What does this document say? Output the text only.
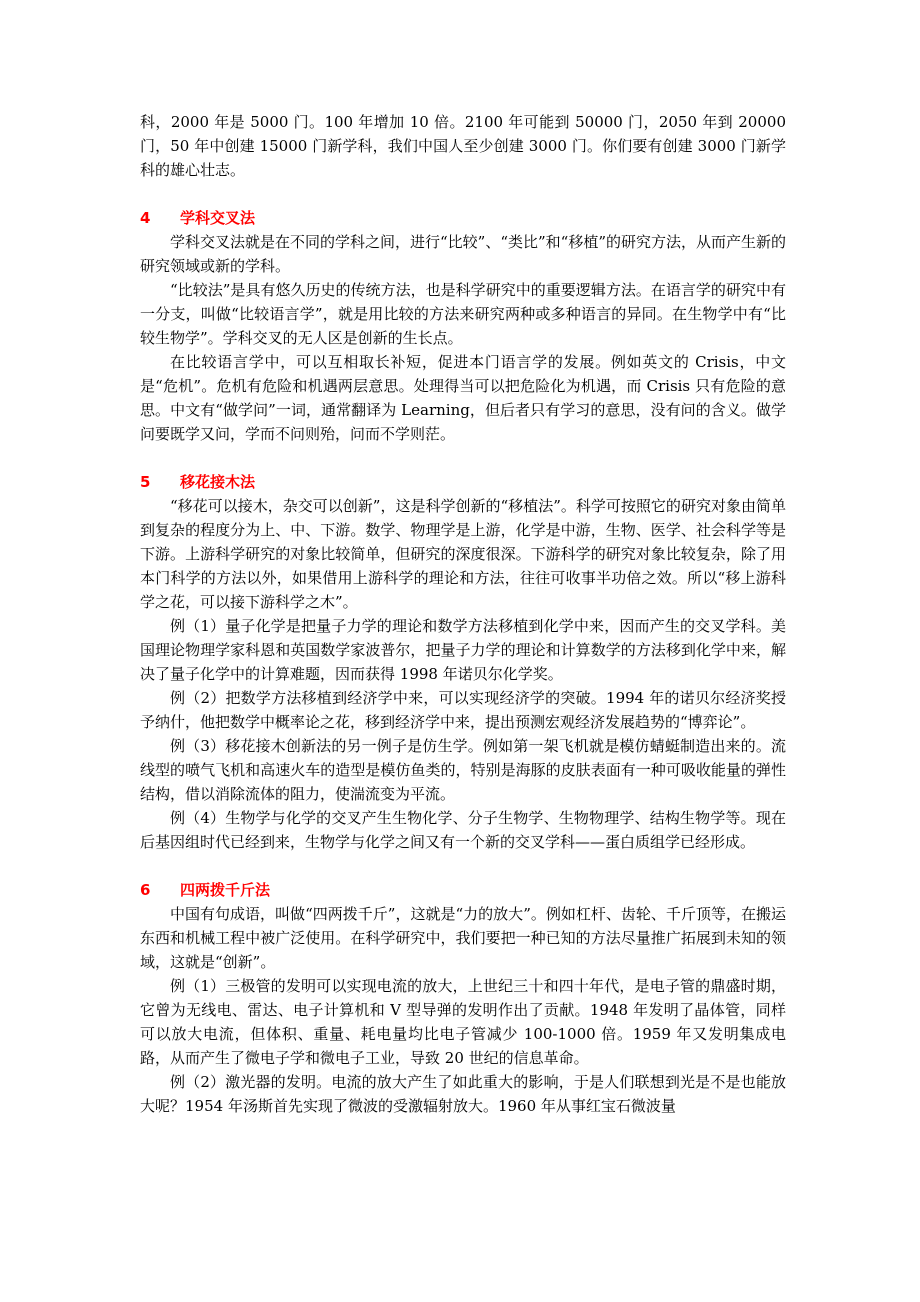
科，2000 年是 5000 门。100 年增加 10 倍。2100 年可能到 50000 门，2050 年到 20000 门，50 年中创建 15000 门新学科，我们中国人至少创建 3000 门。你们要有创建 3000 门新学科的雄心壮志。

4 学科交叉法

学科交叉法就是在不同的学科之间，进行“比较”、“类比”和“移植”的研究方法，从而产生新的研究领域或新的学科。

“比较法”是具有悠久历史的传统方法，也是科学研究中的重要逻辑方法。在语言学的研究中有一分支，叫做“比较语言学”，就是用比较的方法来研究两种或多种语言的异同。在生物学中有“比较生物学”。学科交叉的无人区是创新的生长点。

在比较语言学中，可以互相取长补短，促进本门语言学的发展。例如英文的 Crisis，中文是“危机”。危机有危险和机遇两层意思。处理得当可以把危险化为机遇，而 Crisis 只有危险的意思。中文有“做学问”一词，通常翻译为 Learning，但后者只有学习的意思，没有问的含义。做学问要既学又问，学而不问则殆，问而不学则茫。

5 移花接木法

“移花可以接木，杂交可以创新”，这是科学创新的“移植法”。科学可按照它的研究对象由简单到复杂的程度分为上、中、下游。数学、物理学是上游，化学是中游，生物、医学、社会科学等是下游。上游科学研究的对象比较简单，但研究的深度很深。下游科学的研究对象比较复杂，除了用本门科学的方法以外，如果借用上游科学的理论和方法，往往可收事半功倍之效。所以“移上游科学之花，可以接下游科学之木”。

例（1）量子化学是把量子力学的理论和数学方法移植到化学中来，因而产生的交叉学科。美国理论物理学家科恩和英国数学家波普尔，把量子力学的理论和计算数学的方法移到化学中来，解决了量子化学中的计算难题，因而获得 1998 年诺贝尔化学奖。

例（2）把数学方法移植到经济学中来，可以实现经济学的突破。1994 年的诺贝尔经济奖授予纳什，他把数学中概率论之花，移到经济学中来，提出预测宏观经济发展趋势的“博弈论”。

例（3）移花接木创新法的另一例子是仿生学。例如第一架飞机就是模仿蜻蜓制造出来的。流线型的喷气飞机和高速火车的造型是模仿鱼类的，特别是海豚的皮肤表面有一种可吸收能量的弹性结构，借以消除流体的阻力，使湍流变为平流。

例（4）生物学与化学的交叉产生生物化学、分子生物学、生物物理学、结构生物学等。现在后基因组时代已经到来，生物学与化学之间又有一个新的交叉学科——蛋白质组学已经形成。

6 四两拨千斤法

中国有句成语，叫做“四两拨千斤”，这就是“力的放大”。例如杠杆、齿轮、千斤顶等，在搬运东西和机械工程中被广泛使用。在科学研究中，我们要把一种已知的方法尽量推广拓展到未知的领域，这就是“创新”。

例（1）三极管的发明可以实现电流的放大，上世纪三十和四十年代，是电子管的鼎盛时期，它曾为无线电、雷达、电子计算机和 V 型导弹的发明作出了贡献。1948 年发明了晶体管，同样可以放大电流，但体积、重量、耗电量均比电子管减少 100-1000 倍。1959 年又发明集成电路，从而产生了微电子学和微电子工业，导致 20 世纪的信息革命。

例（2）激光器的发明。电流的放大产生了如此重大的影响，于是人们联想到光是不是也能放大呢？1954 年汤斯首先实现了微波的受激辐射放大。1960 年从事红宝石微波量
